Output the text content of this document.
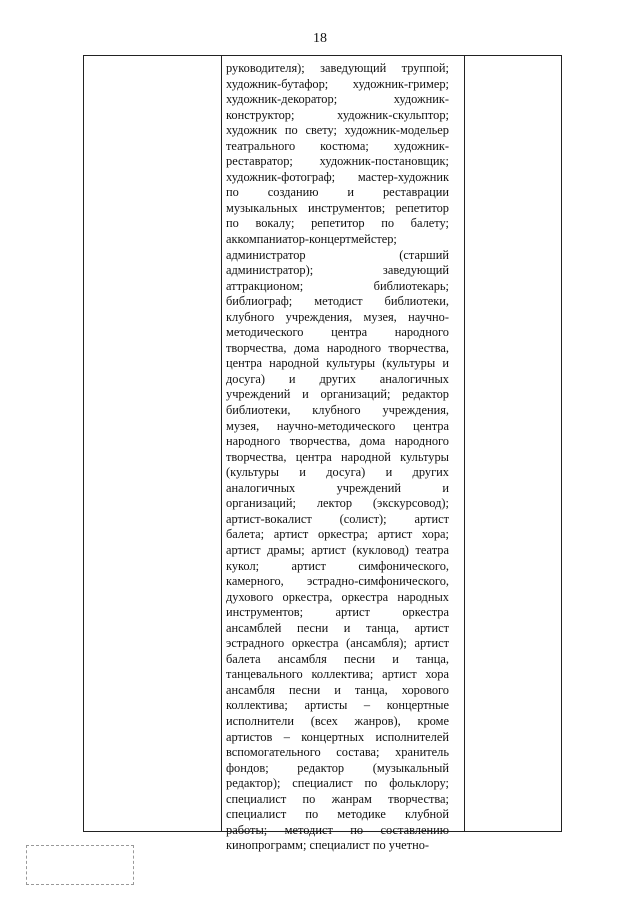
18
руководителя); заведующий труппой;
художник-бутафор; художник-гример;
художник-декоратор; художник-
конструктор; художник-скульптор;
художник по свету; художник-модельер
театрального костюма; художник-
реставратор; художник-постановщик;
художник-фотограф; мастер-художник
по созданию и реставрации
музыкальных инструментов; репетитор
по вокалу; репетитор по балету;
аккомпаниатор-концертмейстер;
администратор (старший
администратор); заведующий
аттракционом; библиотекарь;
библиограф; методист библиотеки,
клубного учреждения, музея, научно-
методического центра народного
творчества, дома народного творчества,
центра народной культуры (культуры и
досуга) и других аналогичных
учреждений и организаций; редактор
библиотеки, клубного учреждения,
музея, научно-методического центра
народного творчества, дома народного
творчества, центра народной культуры
(культуры и досуга) и других
аналогичных учреждений и
организаций; лектор (экскурсовод);
артист-вокалист (солист); артист
балета; артист оркестра; артист хора;
артист драмы; артист (кукловод) театра
кукол; артист симфонического,
камерного, эстрадно-симфонического,
духового оркестра, оркестра народных
инструментов; артист оркестра
ансамблей песни и танца, артист
эстрадного оркестра (ансамбля); артист
балета ансамбля песни и танца,
танцевального коллектива; артист хора
ансамбля песни и танца, хорового
коллектива; артисты – концертные
исполнители (всех жанров), кроме
артистов – концертных исполнителей
вспомогательного состава; хранитель
фондов; редактор (музыкальный
редактор); специалист по фольклору;
специалист по жанрам творчества;
специалист по методике клубной
работы; методист по составлению
кинопрограмм; специалист по учетно-
